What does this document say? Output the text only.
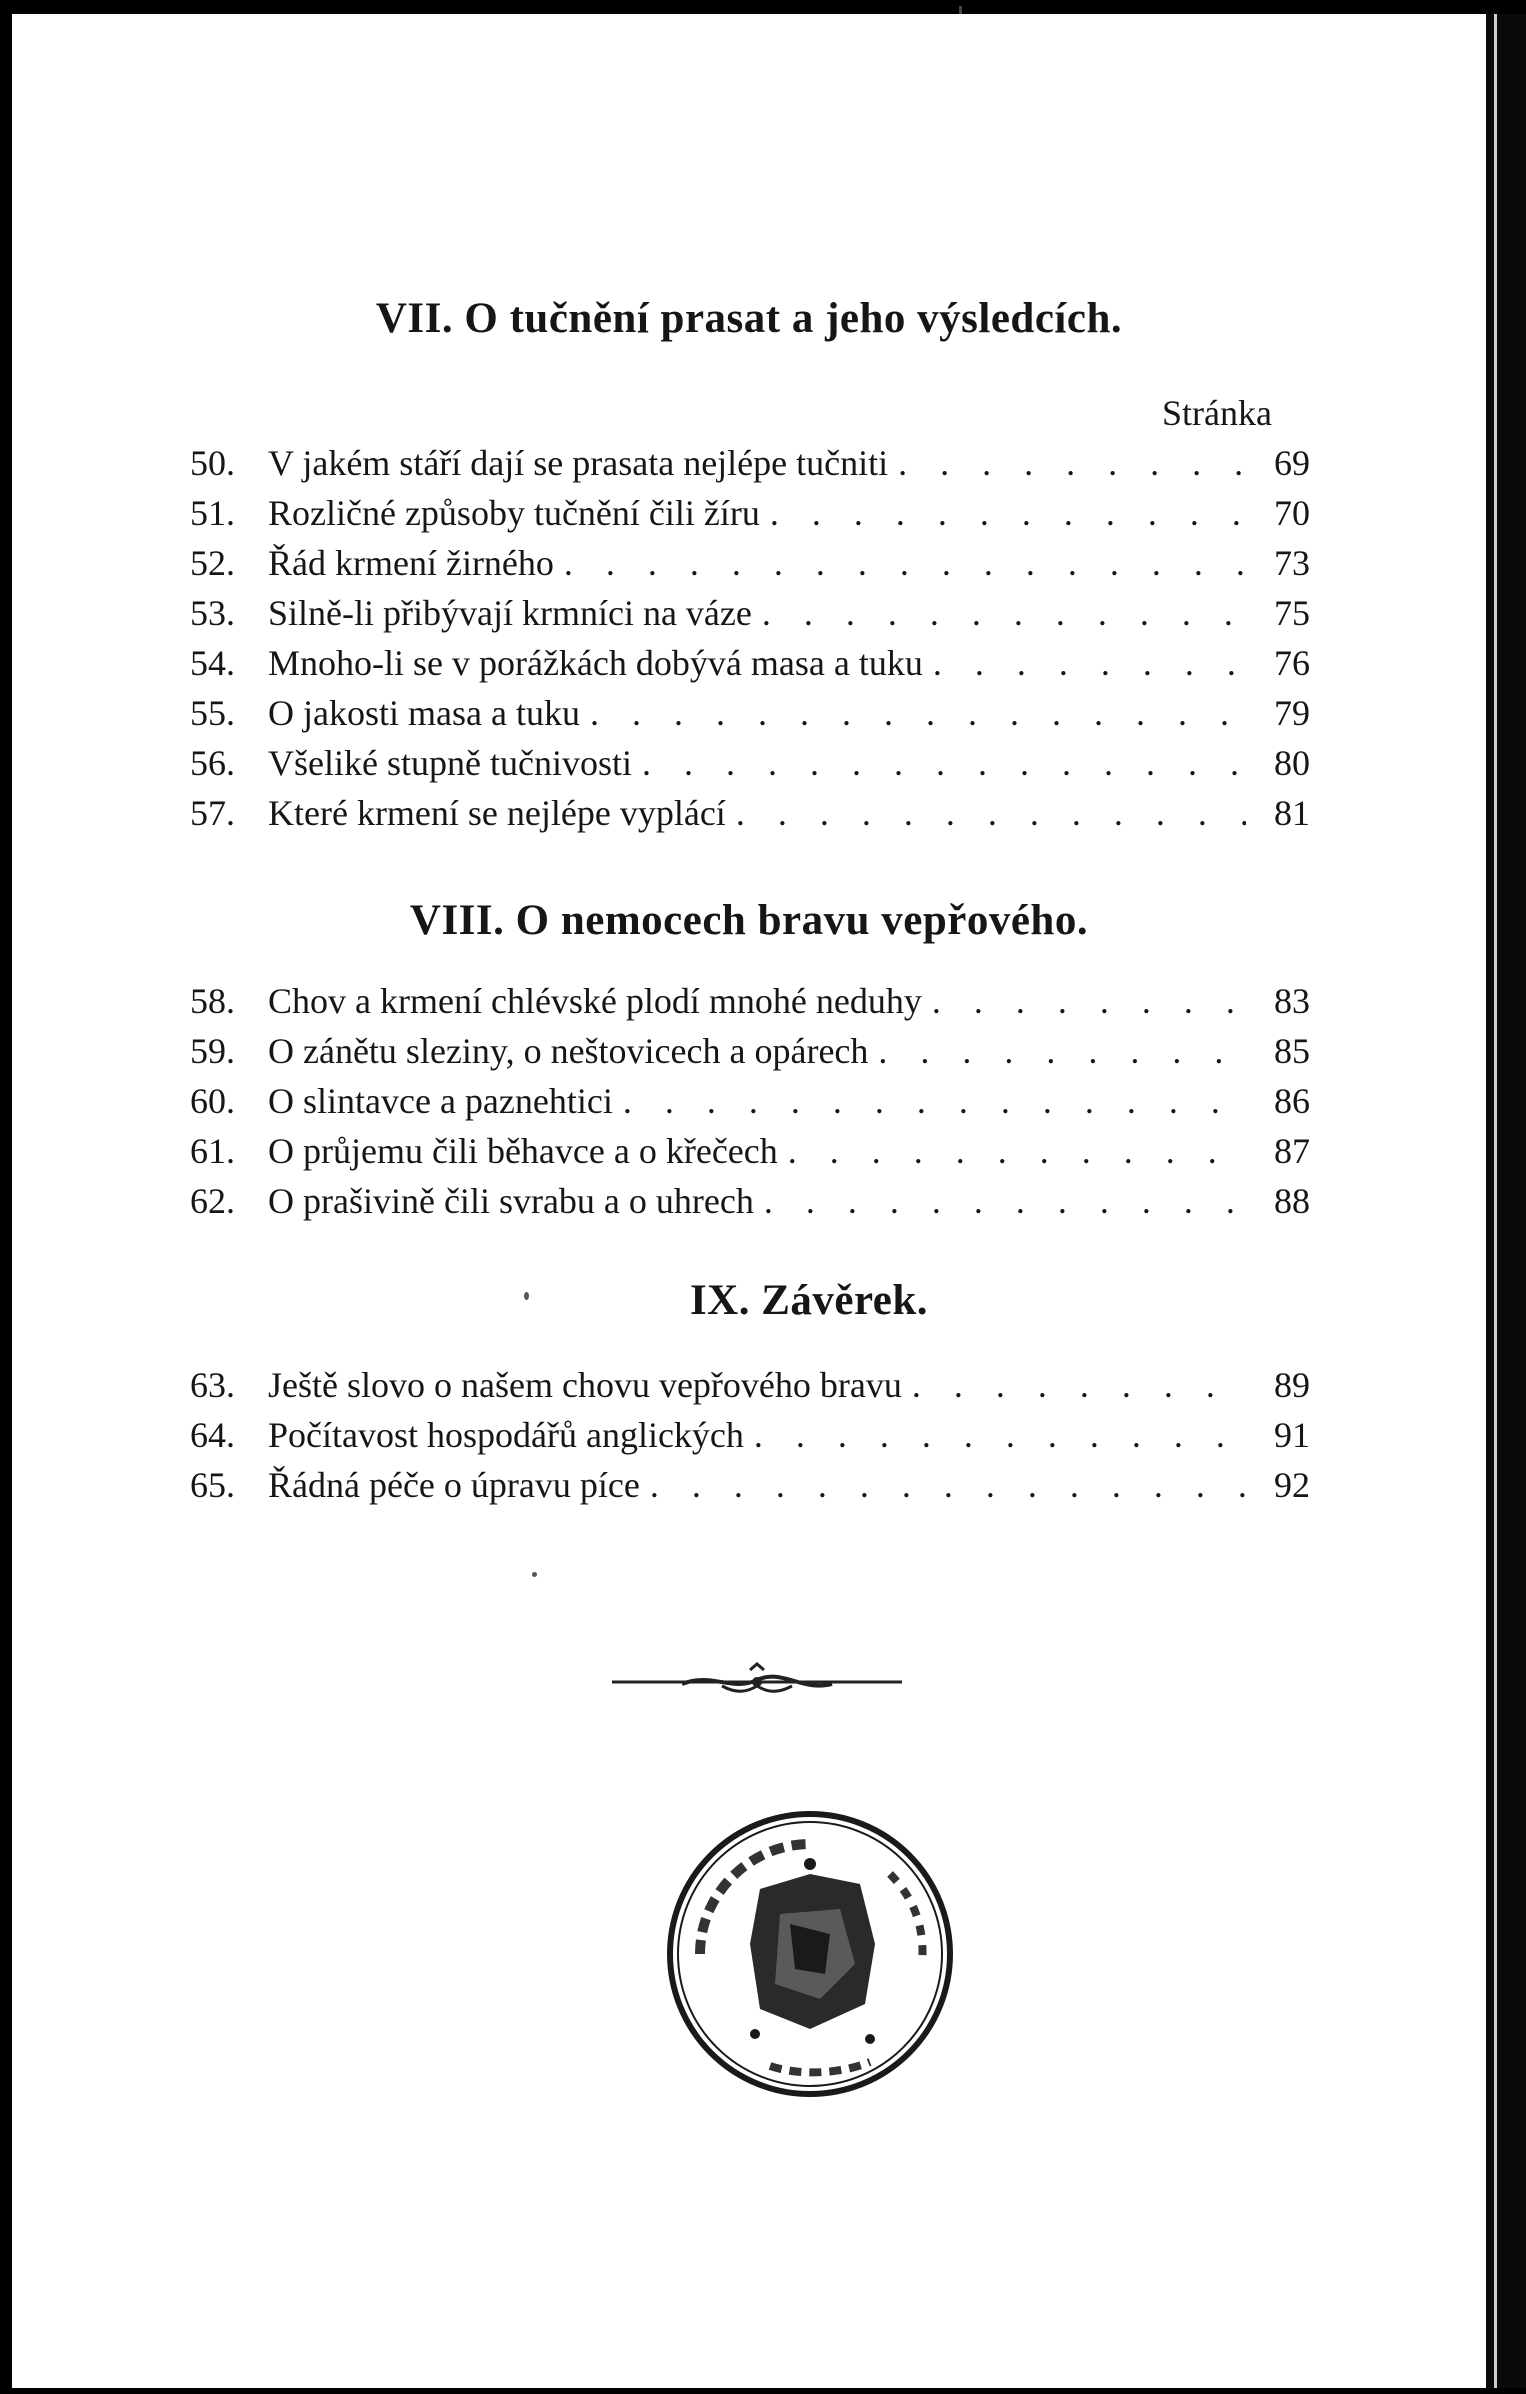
VII. O tučnění prasat a jeho výsledcích.
Stránka
50. V jakém stáří dají se prasata nejlépe tučniti . . .	69
51. Rozličné způsoby tučnění čili žíru . . .	70
52. Řád krmení žirného . . .	73
53. Silně-li přibývají krmníci na váze . . .	75
54. Mnoho-li se v porážkách dobývá masa a tuku . . .	76
55. O jakosti masa a tuku . . .	79
56. Všeliké stupně tučnivosti . . .	80
57. Které krmení se nejlépe vyplácí . . .	81
VIII. O nemocech bravu vepřového.
58. Chov a krmení chlévské plodí mnohé neduhy . . .	83
59. O zánětu sleziny, o neštovicech a opárech . . .	85
60. O slintavce a paznehtici . . .	86
61. O průjemu čili běhavce a o křečech . . .	87
62. O prašivině čili svrabu a o uhrech . . .	88
IX. Závěrek.
63. Ještě slovo o našem chovu vepřového bravu . . .	89
64. Počítavost hospodářů anglických . . .	91
65. Řádná péče o úpravu píce . . .	92
